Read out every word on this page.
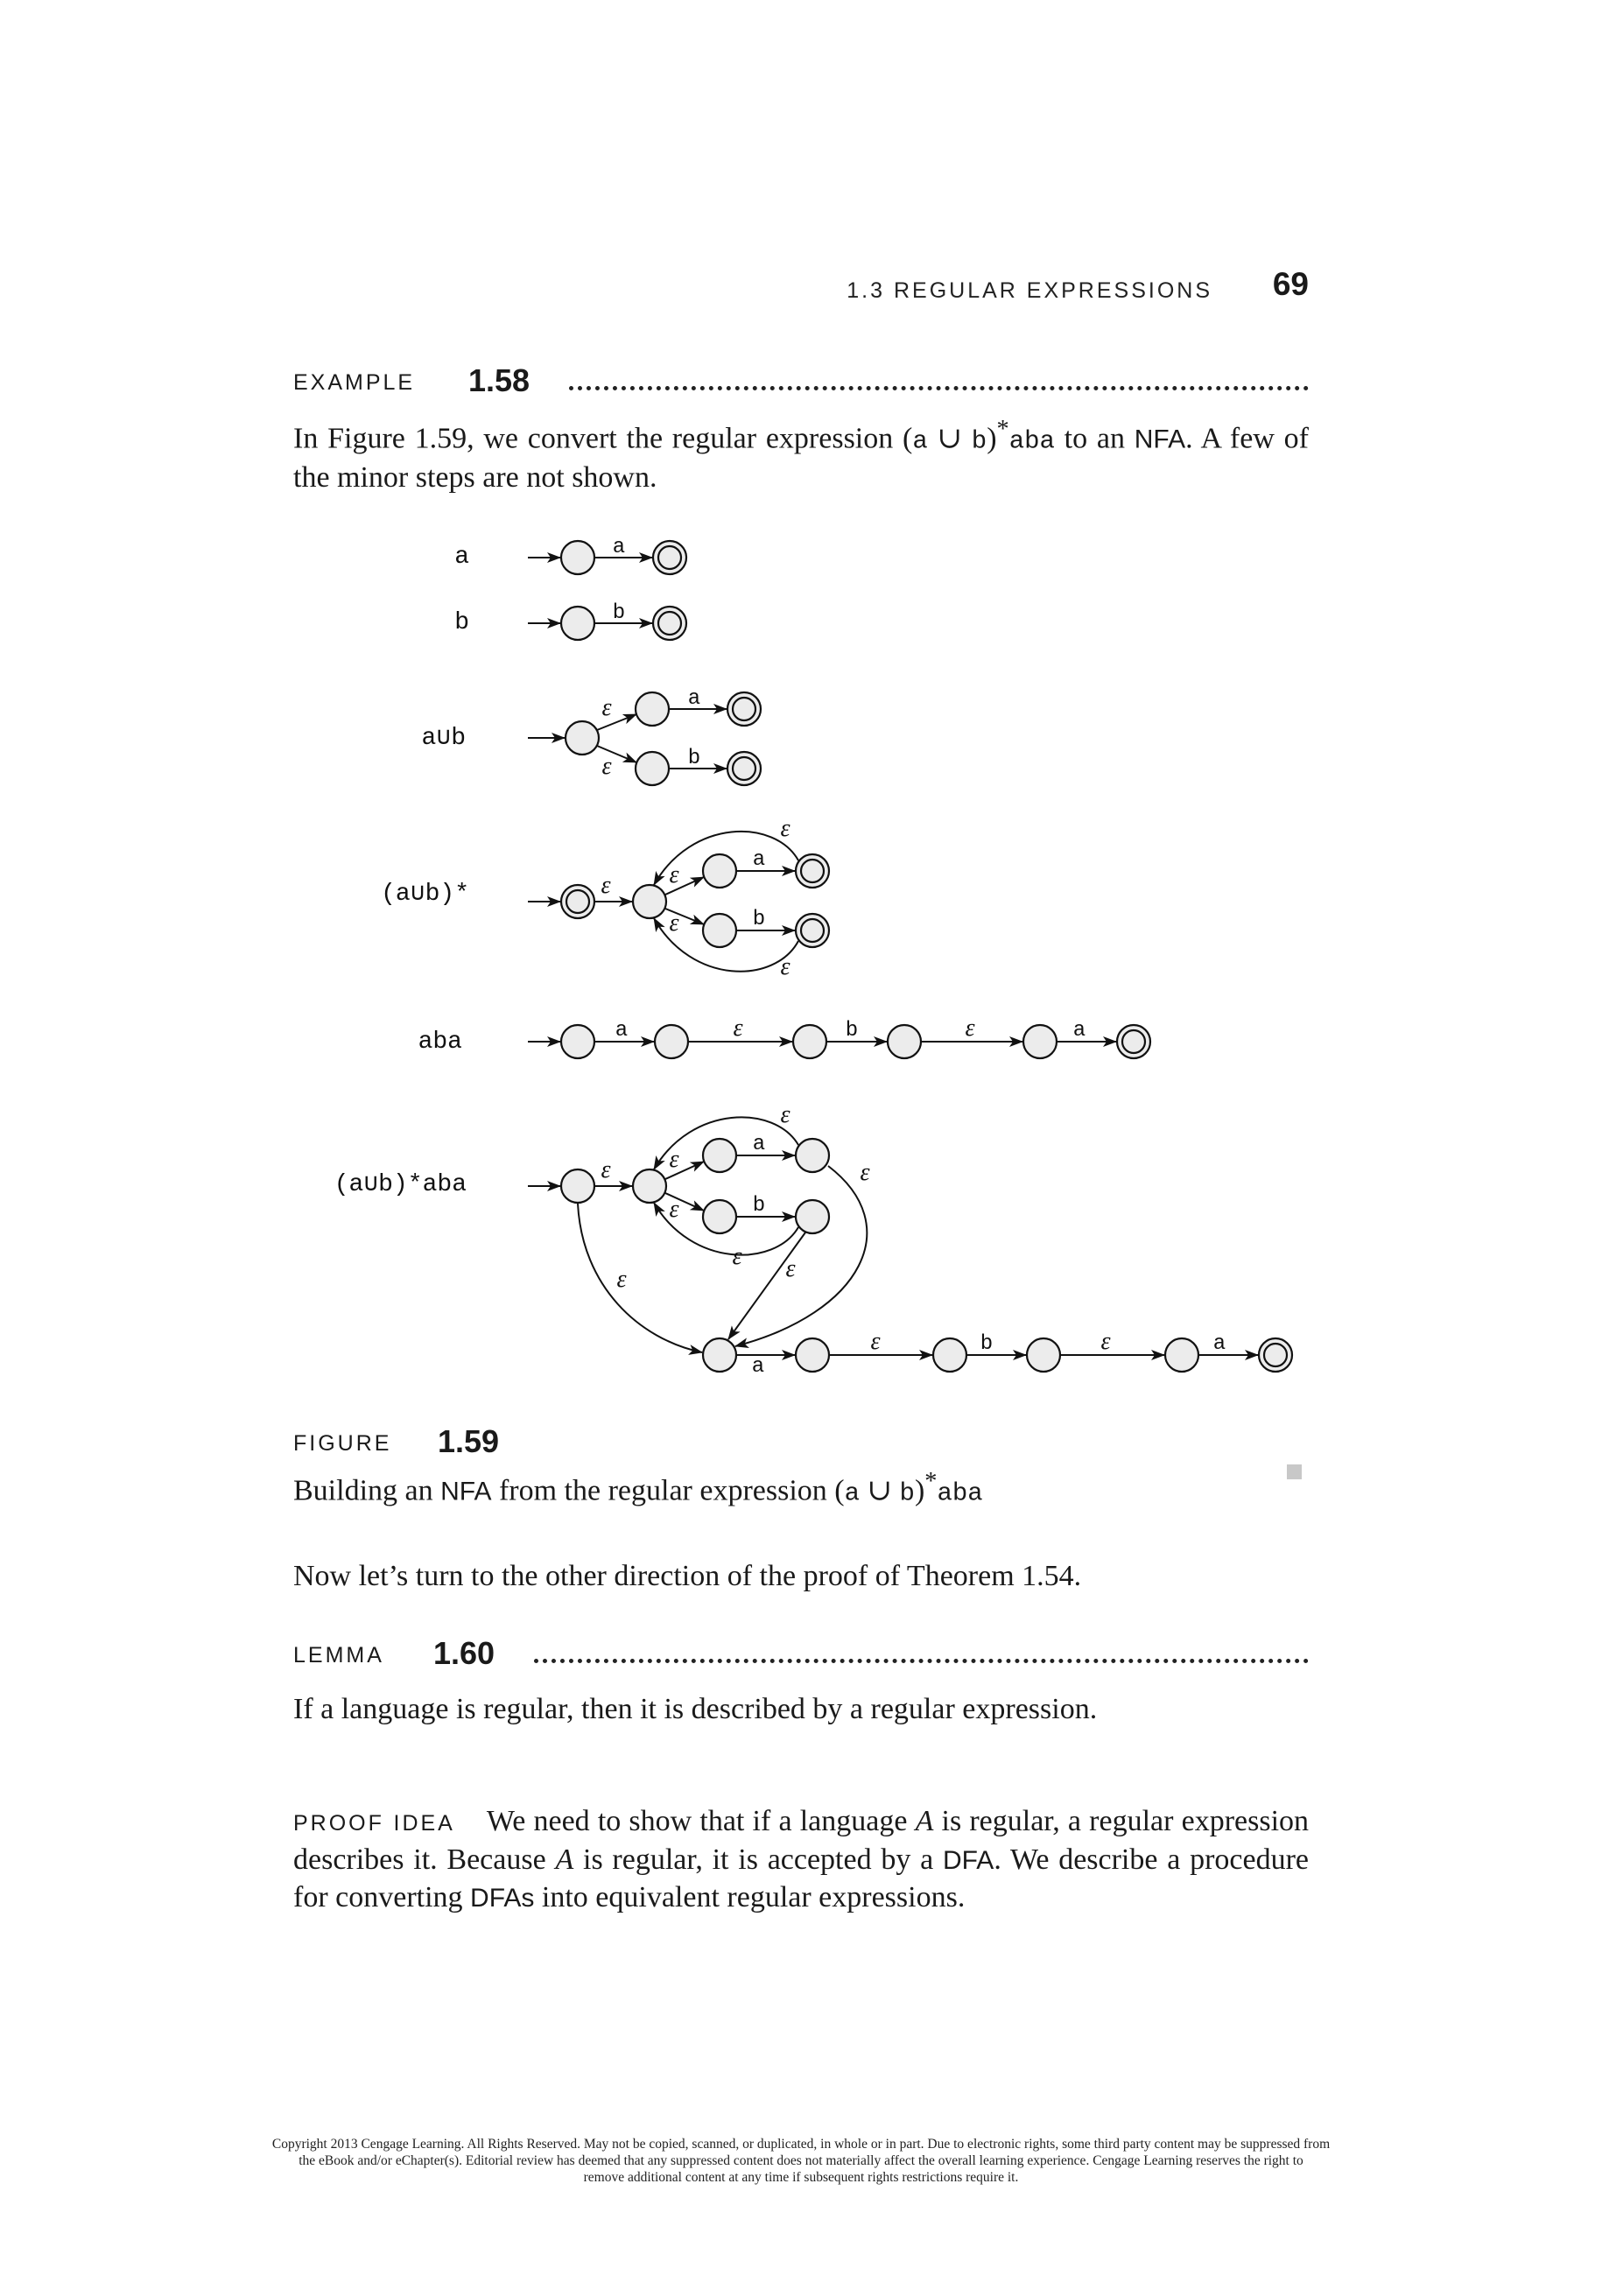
1.3 REGULAR EXPRESSIONS 69
EXAMPLE 1.58

In Figure 1.59, we convert the regular expression (a ∪ b)*aba to an NFA. A few of the minor steps are not shown.

a
b
a∪b
(a∪b)*
aba
(a∪b)*aba
a
b
a
b
a
b
a	b	a
a
b
a
b	a
ε
ε
ε
ε ε
ε
ε
ε	ε
ε
ε ε
ε
ε
ε ε
ε
ε	ε
FIGURE 1.59
Building an NFA from the regular expression (a ∪ b)*aba

Now let’s turn to the other direction of the proof of Theorem 1.54.

LEMMA 1.60

If a language is regular, then it is described by a regular expression.

PROOF IDEA We need to show that if a language A is regular, a regular expression describes it. Because A is regular, it is accepted by a DFA. We describe a procedure for converting DFAs into equivalent regular expressions.

Copyright 2013 Cengage Learning. All Rights Reserved. May not be copied, scanned, or duplicated, in whole or in part. Due to electronic rights, some third party content may be suppressed from
the eBook and/or eChapter(s). Editorial review has deemed that any suppressed content does not materially affect the overall learning experience. Cengage Learning reserves the right to
remove additional content at any time if subsequent rights restrictions require it.
